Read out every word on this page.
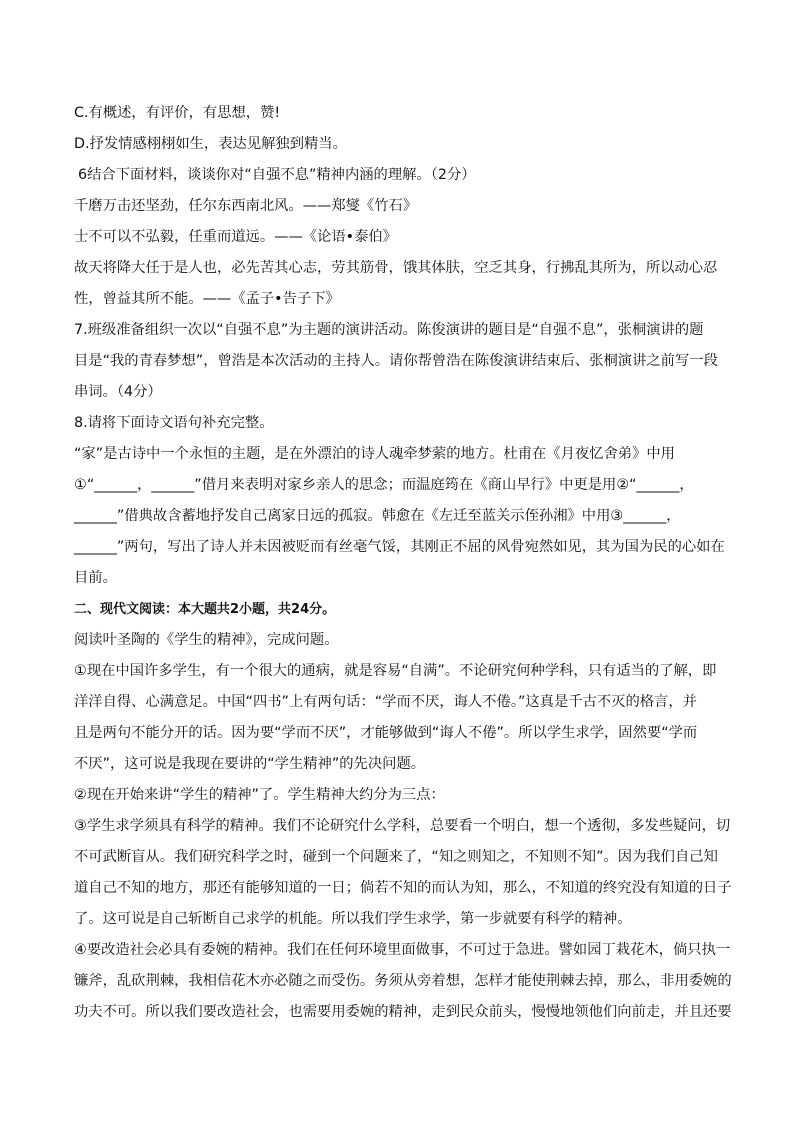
C.有概述，有评价，有思想，赞!
D.抒发情感栩栩如生，表达见解独到精当。
6结合下面材料，谈谈你对“自强不息”精神内涵的理解。（2分）
千磨万击还坚劲，任尔东西南北风。——郑燮《竹石》
士不可以不弘毅，任重而道远。——《论语•泰伯》
故天将降大任于是人也，必先苦其心志，劳其筋骨，饿其体肤，空乏其身，行拂乱其所为，所以动心忍
性，曾益其所不能。——《孟子•告子下》
7.班级准备组织一次以“自强不息”为主题的演讲活动。陈俊演讲的题目是“自强不息”，张桐演讲的题
目是“我的青春梦想”，曾浩是本次活动的主持人。请你帮曾浩在陈俊演讲结束后、张桐演讲之前写一段
串词。（4分）
8.请将下面诗文语句补充完整。
“家”是古诗中一个永恒的主题，是在外漂泊的诗人魂牵梦萦的地方。杜甫在《月夜忆舍弟》中用
①“______，______”借月来表明对家乡亲人的思念；而温庭筠在《商山早行》中更是用②“______，
______”借典故含蓄地抒发自己离家日远的孤寂。韩愈在《左迁至蓝关示侄孙湘》中用③______，
______”两句，写出了诗人并未因被贬而有丝毫气馁，其刚正不屈的风骨宛然如见，其为国为民的心如在
目前。
二、现代文阅读：本大题共2小题，共24分。
阅读叶圣陶的《学生的精神》，完成问题。
①现在中国许多学生，有一个很大的通病，就是容易“自满”。不论研究何种学科，只有适当的了解，即
洋洋自得、心满意足。中国“四书”上有两句话：“学而不厌，诲人不倦。”这真是千古不灭的格言，并
且是两句不能分开的话。因为要“学而不厌”，才能够做到“诲人不倦”。所以学生求学，固然要“学而
不厌”，这可说是我现在要讲的“学生精神”的先决问题。
②现在开始来讲“学生的精神”了。学生精神大约分为三点：
③学生求学须具有科学的精神。我们不论研究什么学科，总要看一个明白，想一个透彻，多发些疑问，切
不可武断盲从。我们研究科学之时，碰到一个问题来了，“知之则知之，不知则不知”。因为我们自己知
道自己不知的地方，那还有能够知道的一日；倘若不知的而认为知，那么，不知道的终究没有知道的日子
了。这可说是自己斩断自己求学的机能。所以我们学生求学，第一步就要有科学的精神。
④要改造社会必具有委婉的精神。我们在任何环境里面做事，不可过于急进。譬如园丁栽花木，倘只执一
镰斧，乱砍荆棘，我相信花木亦必随之而受伤。务须从旁着想，怎样才能使荆棘去掉，那么，非用委婉的
功夫不可。所以我们要改造社会，也需要用委婉的精神，走到民众前头，慢慢地领他们向前走，并且还要
